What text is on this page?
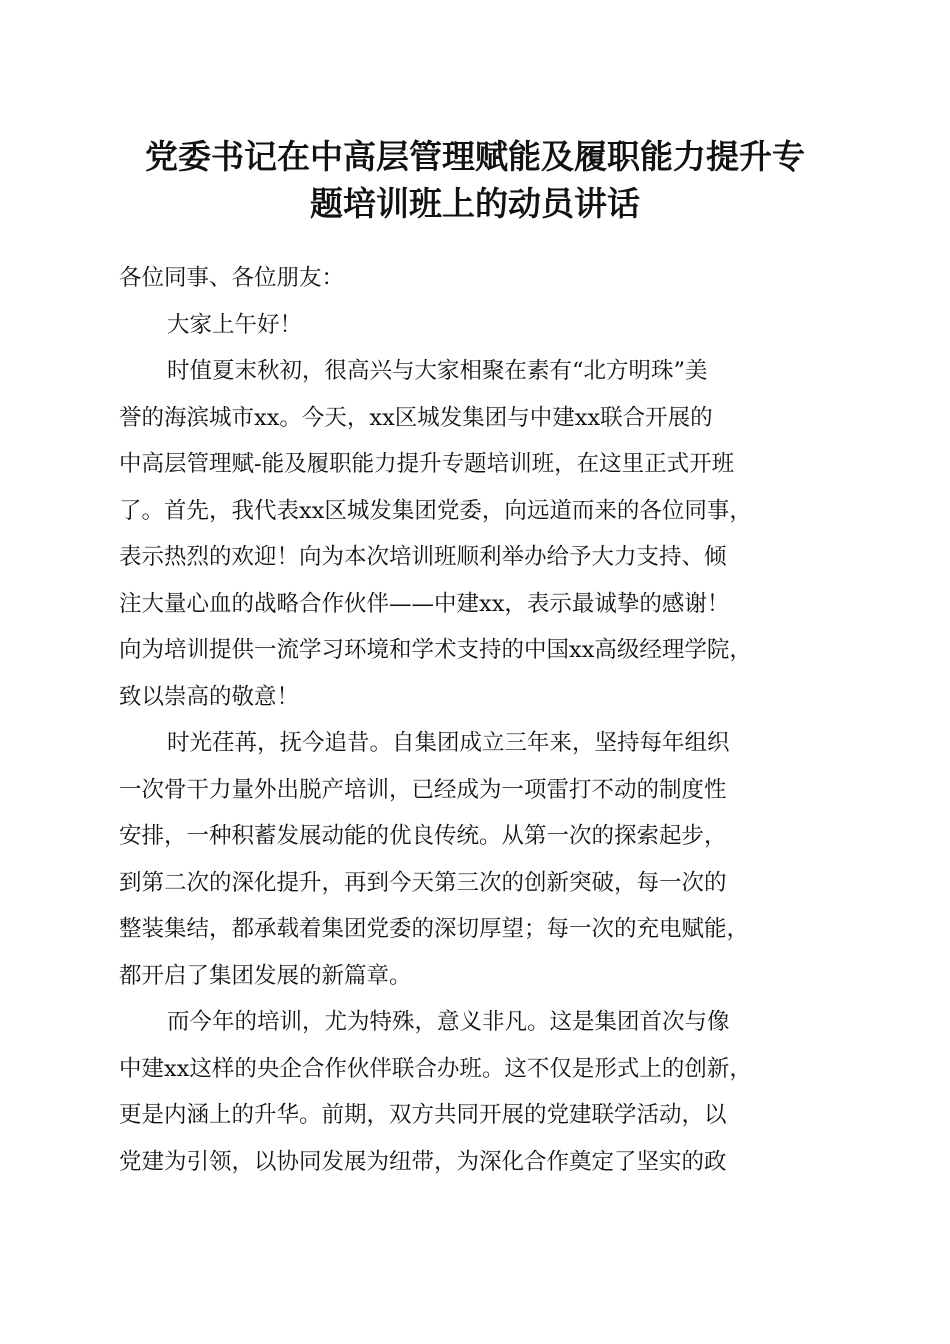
党委书记在中高层管理赋能及履职能力提升专
题培训班上的动员讲话

各位同事、各位朋友：

大家上午好！

时值夏末秋初，很高兴与大家相聚在素有“北方明珠”美

誉的海滨城市xx。今天，xx区城发集团与中建xx联合开展的

中高层管理赋-能及履职能力提升专题培训班，在这里正式开班

了。首先，我代表xx区城发集团党委，向远道而来的各位同事，

表示热烈的欢迎！向为本次培训班顺利举办给予大力支持、倾

注大量心血的战略合作伙伴——中建xx，表示最诚挚的感谢！

向为培训提供一流学习环境和学术支持的中国xx高级经理学院，

致以崇高的敬意！

时光荏苒，抚今追昔。自集团成立三年来，坚持每年组织

一次骨干力量外出脱产培训，已经成为一项雷打不动的制度性

安排，一种积蓄发展动能的优良传统。从第一次的探索起步，

到第二次的深化提升，再到今天第三次的创新突破，每一次的

整装集结，都承载着集团党委的深切厚望；每一次的充电赋能，

都开启了集团发展的新篇章。

而今年的培训，尤为特殊，意义非凡。这是集团首次与像

中建xx这样的央企合作伙伴联合办班。这不仅是形式上的创新，

更是内涵上的升华。前期，双方共同开展的党建联学活动，以

党建为引领，以协同发展为纽带，为深化合作奠定了坚实的政
